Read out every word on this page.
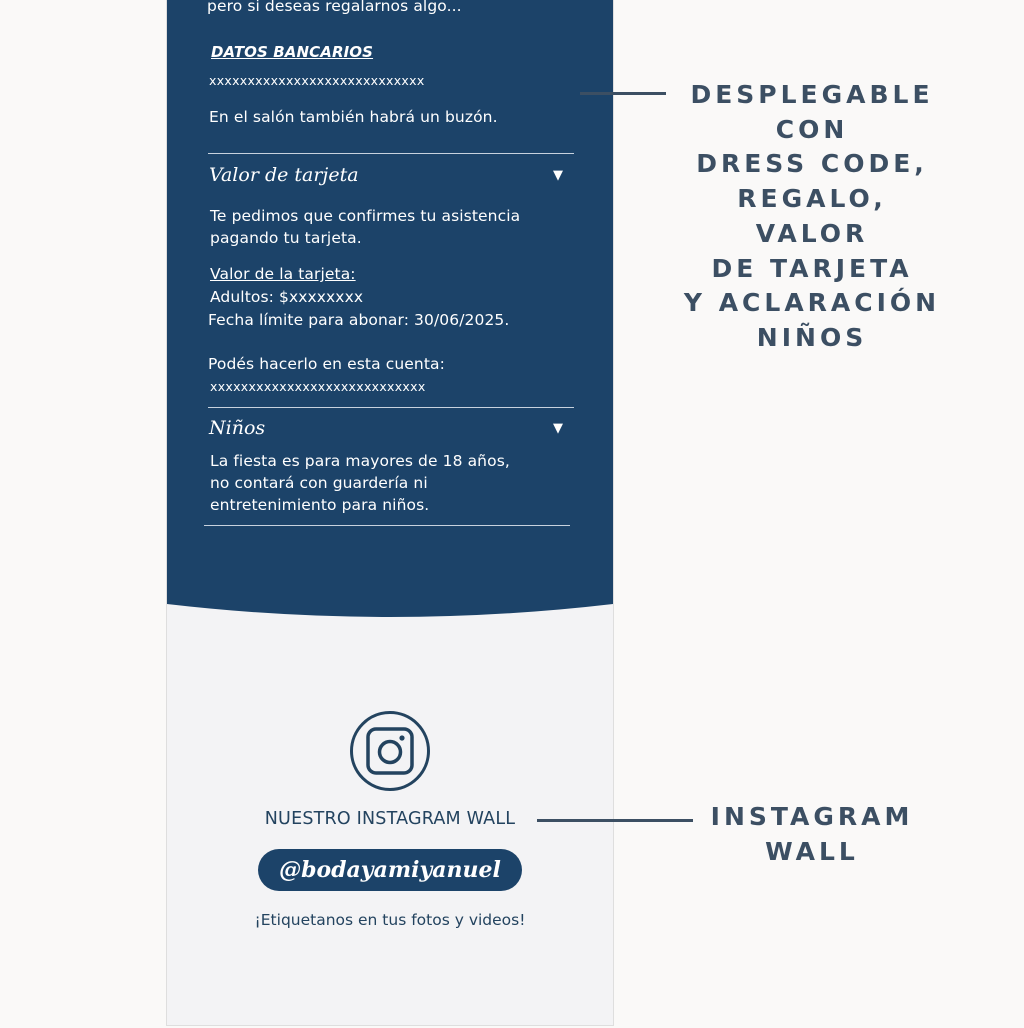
pero si deseas regalarnos algo...
DATOS BANCARIOS
xxxxxxxxxxxxxxxxxxxxxxxxxxxx
En el salón también habrá un buzón.
Valor de tarjeta	▼
Te pedimos que confirmes tu asistencia
pagando tu tarjeta.
Valor de la tarjeta:
Adultos: $xxxxxxxx
Fecha límite para abonar: 30/06/2025.
Podés hacerlo en esta cuenta:
xxxxxxxxxxxxxxxxxxxxxxxxxxxx
Niños	▼
La fiesta es para mayores de 18 años,
no contará con guardería ni
entretenimiento para niños.
NUESTRO INSTAGRAM WALL
@bodayamiyanuel
¡Etiquetanos en tus fotos y videos!
DESPLEGABLE
CON
DRESS CODE,
REGALO,
VALOR
DE TARJETA
Y ACLARACIÓN
NIÑOS
INSTAGRAM
WALL
